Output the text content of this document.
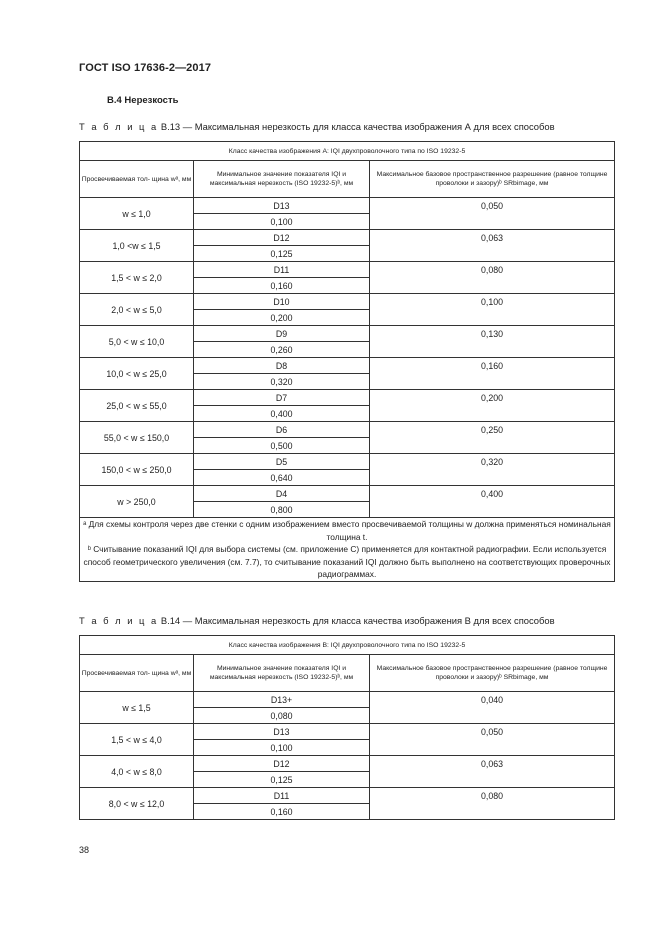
ГОСТ ISO 17636-2—2017
B.4 Нерезкость
Т а б л и ц а В.13 — Максимальная нерезкость для класса качества изображения А для всех способов
Класс качества изображения A: IQI двухпроволочного типа по ISO 19232-5		
Просвечиваемая тол- щина wᵃ, мм	Минимальное значение показателя IQI и максимальная нерезкость (ISO 19232-5)ᵇ, мм	Максимальное базовое пространственное разрешение (равное толщине проволоки и зазору)ᵇ SRbimage, мм
w ≤ 1,0	D13	0,050
	0,100	
1,0 <w ≤ 1,5	D12	0,063
	0,125	
1,5 < w ≤ 2,0	D11	0,080
	0,160	
2,0 < w ≤ 5,0	D10	0,100
	0,200	
5,0 < w ≤ 10,0	D9	0,130
	0,260	
10,0 < w ≤ 25,0	D8	0,160
	0,320	
25,0 < w ≤ 55,0	D7	0,200
	0,400	
55,0 < w ≤ 150,0	D6	0,250
	0,500	
150,0 < w ≤ 250,0	D5	0,320
	0,640	
w > 250,0	D4	0,400
	0,800	

ᵃ Для схемы контроля через две стенки с одним изображением вместо просвечиваемой толщины w должна применяться номинальная толщина t.
ᵇ Считывание показаний IQI для выбора системы (см. приложение С) применяется для контактной радиографии. Если используется способ геометрического увеличения (см. 7.7), то считывание показаний IQI должно быть выполнено на соответствующих проверочных радиограммах.		
Т а б л и ц а В.14 — Максимальная нерезкость для класса качества изображения В для всех способов
Класс качества изображения В: IQI двухпроволочного типа по ISO 19232-5		
Просвечиваемая тол- щина wᵃ, мм	Минимальное значение показателя IQI и максимальная нерезкость (ISO 19232-5)ᵇ, мм	Максимальное базовое пространственное разрешение (равное толщине проволоки и зазору)ᵇ SRbimage, мм
w ≤ 1,5	D13+	0,040
	0,080	
1,5 < w ≤ 4,0	D13	0,050
	0,100	
4,0 < w ≤ 8,0	D12	0,063
	0,125	
8,0 < w ≤ 12,0	D11	0,080
	0,160	
38
